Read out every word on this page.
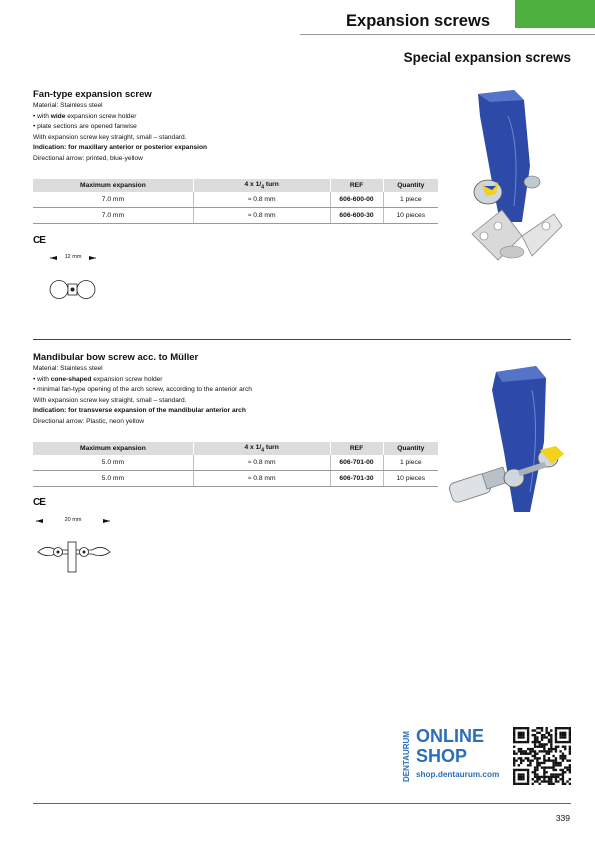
Expansion screws
Special expansion screws
Fan-type expansion screw
Material: Stainless steel
• with wide expansion screw holder
• plate sections are opened fanwise
With expansion screw key straight, small – standard.
Indication: for maxillary anterior or posterior expansion
Directional arrow: printed, blue-yellow
Maximum expansion	4 x $1/_4$ turn	REF	Quantity
7.0 mm	≈ 0.8 mm	606-600-00	1 piece
7.0 mm	≈ 0.8 mm	606-600-30	10 pieces
CE
12 mm
Mandibular bow screw acc. to Müller
Material: Stainless steel
• with cone-shaped expansion screw holder
• minimal fan-type opening of the arch screw, according to the anterior arch
With expansion screw key straight, small – standard.
Indication: for transverse expansion of the mandibular anterior arch
Directional arrow: Plastic, neon yellow
Maximum expansion	4 x $1/_4$ turn	REF	Quantity
5.0 mm	≈ 0.8 mm	606-701-00	1 piece
5.0 mm	≈ 0.8 mm	606-701-30	10 pieces
CE
20 mm
DENTAURUM ONLINE
SHOP
shop.dentaurum.com
339
